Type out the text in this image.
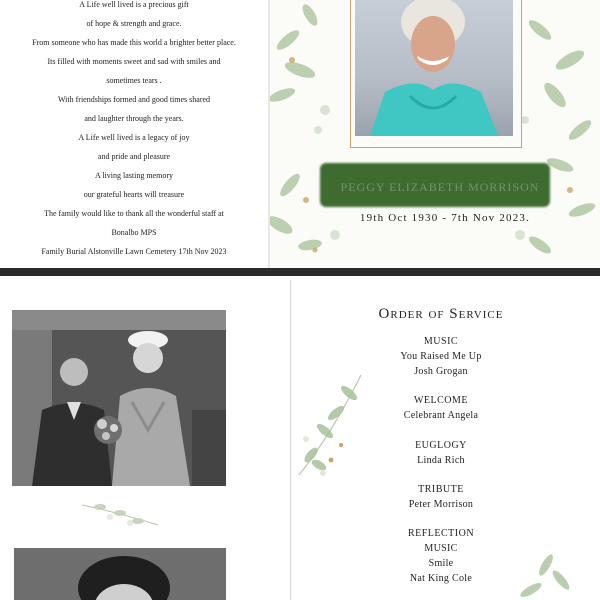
A Life well lived is a precious gift
of hope & strength and grace.
From someone who has made this world a brighter better place.
Its filled with moments sweet and sad with smiles and
sometimes tears .
With friendships formed and good times shared
and laughter through the years.
A Life well lived is a legacy of joy
and pride and pleasure
A living lasting memory
our grateful hearts will treasure
The family would like to thank all the wonderful staff at
Bonalbo MPS
Family Burial Alstonville Lawn Cemetery 17th Nov 2023
PEGGY ELIZABETH MORRISON
19th Oct 1930 - 7th Nov 2023.
Order of Service
MUSIC
You Raised Me Up
Josh Grogan
WELCOME
Celebrant Angela
EUGLOGY
Linda Rich
TRIBUTE
Peter Morrison
REFLECTION
MUSIC
Smile
Nat King Cole
